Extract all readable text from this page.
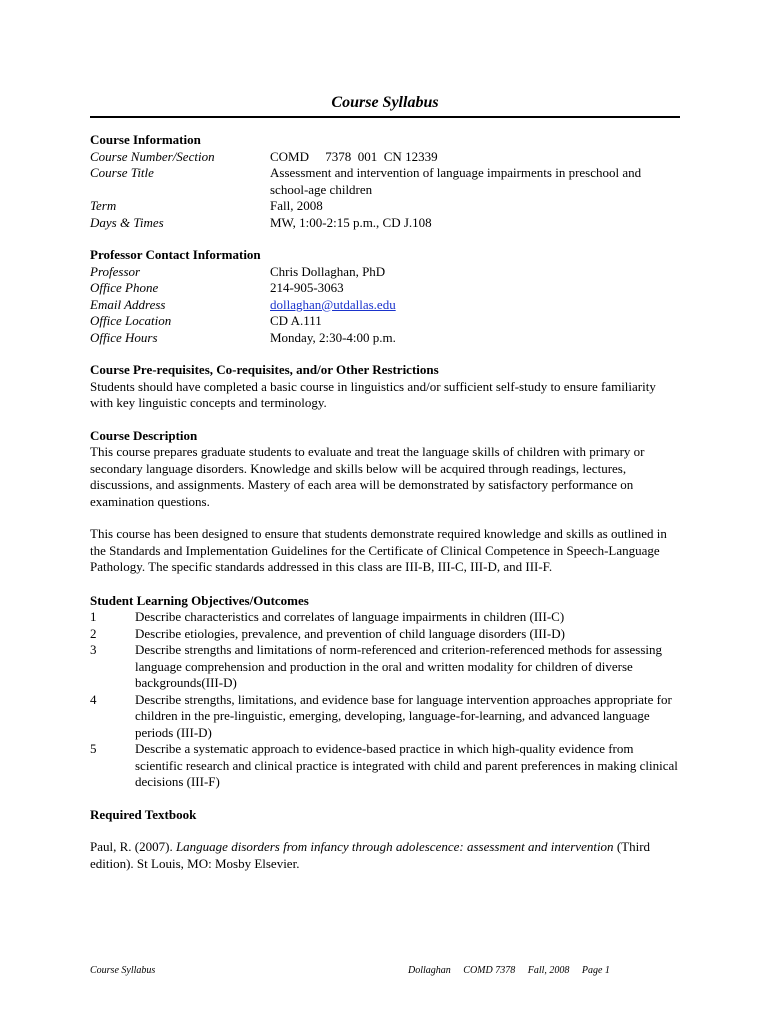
Course Syllabus
Course Information
Course Number/Section	COMD     7378  001  CN 12339
Course Title	Assessment and intervention of language impairments in preschool and school-age children
Term	Fall, 2008
Days & Times	MW, 1:00-2:15 p.m., CD J.108
Professor Contact Information
Professor	Chris Dollaghan, PhD
Office Phone	214-905-3063
Email Address	dollaghan@utdallas.edu
Office Location	CD A.111
Office Hours	Monday, 2:30-4:00 p.m.
Course Pre-requisites, Co-requisites, and/or Other Restrictions

Students should have completed a basic course in linguistics and/or sufficient self-study to ensure familiarity with key linguistic concepts and terminology.

Course Description

This course prepares graduate students to evaluate and treat the language skills of children with primary or secondary language disorders. Knowledge and skills below will be acquired through readings, lectures, discussions, and assignments. Mastery of each area will be demonstrated by satisfactory performance on examination questions.

This course has been designed to ensure that students demonstrate required knowledge and skills as outlined in the Standards and Implementation Guidelines for the Certificate of Clinical Competence in Speech-Language Pathology. The specific standards addressed in this class are III-B, III-C, III-D, and III-F.

Student Learning Objectives/Outcomes
1	Describe characteristics and correlates of language impairments in children (III-C)
2	Describe etiologies, prevalence, and prevention of child language disorders (III-D)
3	Describe strengths and limitations of norm-referenced and criterion-referenced methods for assessing language comprehension and production in the oral and written modality for children of diverse backgrounds(III-D)
4	Describe strengths, limitations, and evidence base for language intervention approaches appropriate for children in the pre-linguistic, emerging, developing, language-for-learning, and advanced language periods (III-D)
5	Describe a systematic approach to evidence-based practice in which high-quality evidence from scientific research and clinical practice is integrated with child and parent preferences in making clinical decisions (III-F)
Required Textbook

Paul, R. (2007). Language disorders from infancy through adolescence: assessment and intervention (Third edition). St Louis, MO: Mosby Elsevier.

Course Syllabus	Dollaghan     COMD 7378     Fall, 2008     Page 1
